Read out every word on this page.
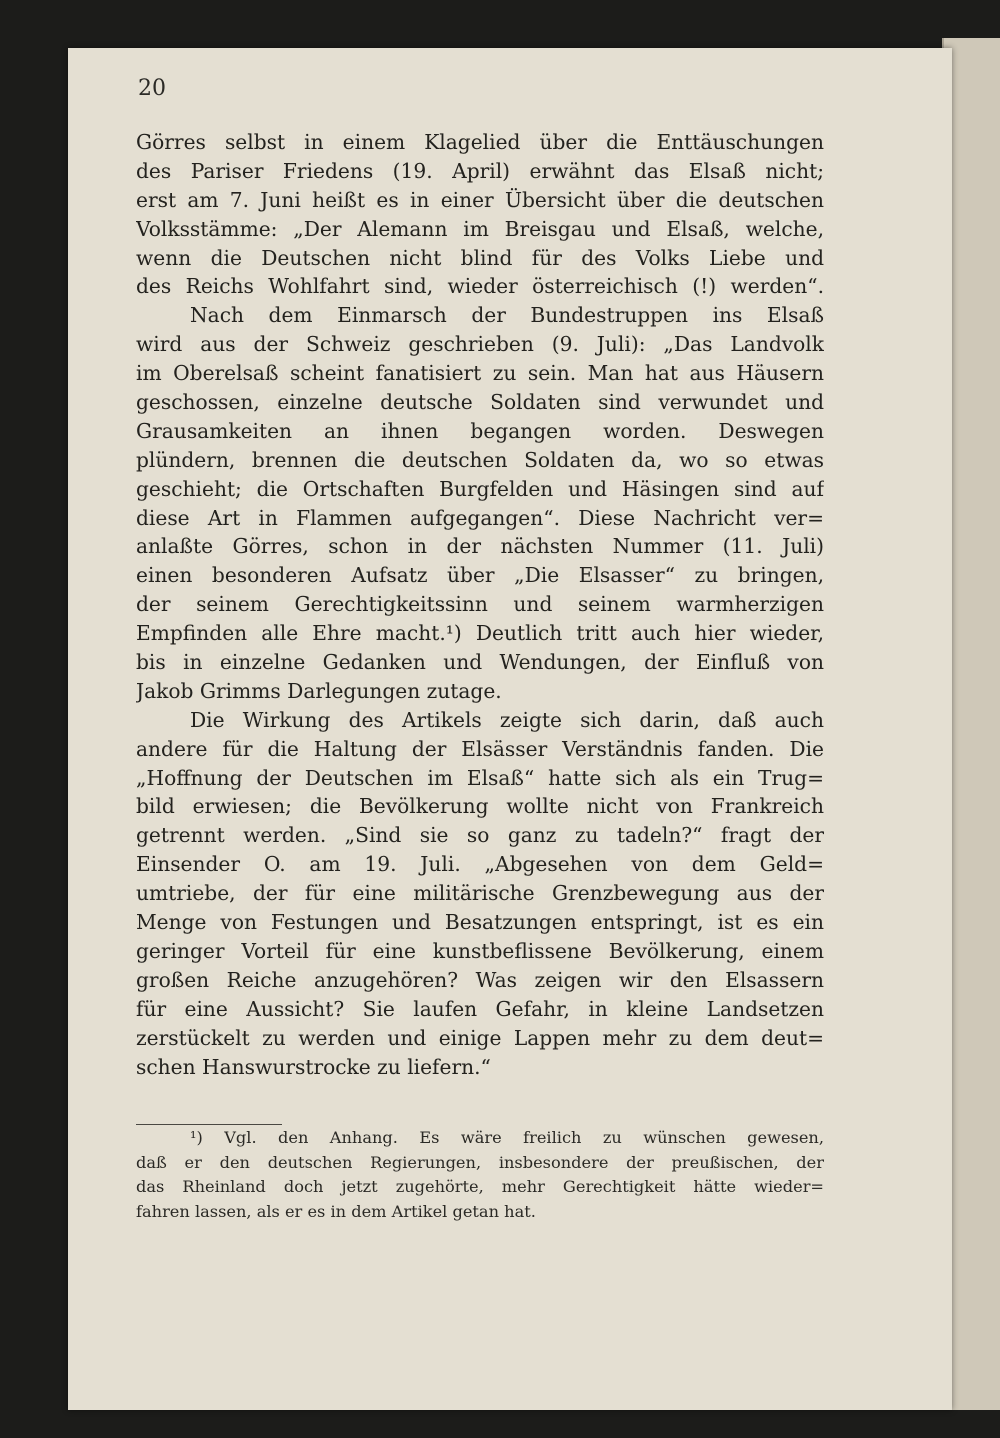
20
Görres selbst in einem Klagelied über die Enttäuschungen
des Pariser Friedens (19. April) erwähnt das Elsaß nicht;
erst am 7. Juni heißt es in einer Übersicht über die deutschen
Volksstämme: „Der Alemann im Breisgau und Elsaß, welche,
wenn die Deutschen nicht blind für des Volks Liebe und
des Reichs Wohlfahrt sind, wieder österreichisch (!) werden“.
Nach dem Einmarsch der Bundestruppen ins Elsaß
wird aus der Schweiz geschrieben (9. Juli): „Das Landvolk
im Oberelsaß scheint fanatisiert zu sein. Man hat aus Häusern
geschossen, einzelne deutsche Soldaten sind verwundet und
Grausamkeiten an ihnen begangen worden. Deswegen
plündern, brennen die deutschen Soldaten da, wo so etwas
geschieht; die Ortschaften Burgfelden und Häsingen sind auf
diese Art in Flammen aufgegangen“. Diese Nachricht ver=
anlaßte Görres, schon in der nächsten Nummer (11. Juli)
einen besonderen Aufsatz über „Die Elsasser“ zu bringen,
der seinem Gerechtigkeitssinn und seinem warmherzigen
Empfinden alle Ehre macht.¹) Deutlich tritt auch hier wieder,
bis in einzelne Gedanken und Wendungen, der Einfluß von
Jakob Grimms Darlegungen zutage.
Die Wirkung des Artikels zeigte sich darin, daß auch
andere für die Haltung der Elsässer Verständnis fanden. Die
„Hoffnung der Deutschen im Elsaß“ hatte sich als ein Trug=
bild erwiesen; die Bevölkerung wollte nicht von Frankreich
getrennt werden. „Sind sie so ganz zu tadeln?“ fragt der
Einsender O. am 19. Juli. „Abgesehen von dem Geld=
umtriebe, der für eine militärische Grenzbewegung aus der
Menge von Festungen und Besatzungen entspringt, ist es ein
geringer Vorteil für eine kunstbeflissene Bevölkerung, einem
großen Reiche anzugehören? Was zeigen wir den Elsassern
für eine Aussicht? Sie laufen Gefahr, in kleine Landsetzen
zerstückelt zu werden und einige Lappen mehr zu dem deut=
schen Hanswurstrocke zu liefern.“
¹) Vgl. den Anhang. Es wäre freilich zu wünschen gewesen,
daß er den deutschen Regierungen, insbesondere der preußischen, der
das Rheinland doch jetzt zugehörte, mehr Gerechtigkeit hätte wieder=
fahren lassen, als er es in dem Artikel getan hat.
